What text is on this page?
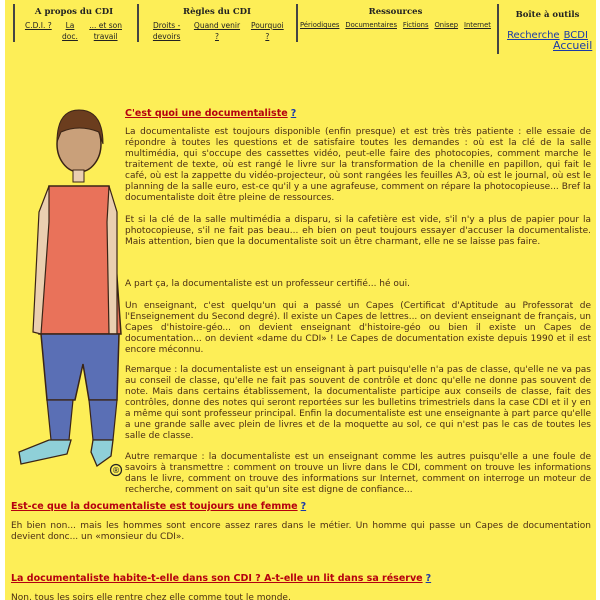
A propos du CDI
C.D.I. ?	La doc.
... et son travail
Règles du CDI
Droits - devoirs
Quand venir ?
Pourquoi ?
Ressources
Périodiques Documentaires Fictions Onisep Internet
Boîte à outils
Recherche BCDI
Accueil
®
C'est quoi une documentaliste ?

La documentaliste est toujours disponible (enfin presque) et est très très patiente : elle essaie de répondre à toutes les questions et de satisfaire toutes les demandes : où est la clé de la salle multimédia, qui s'occupe des cassettes vidéo, peut-elle faire des photocopies, comment marche le traitement de texte, où est rangé le livre sur la transformation de la chenille en papillon, qui fait le café, où est la zappette du vidéo-projecteur, où sont rangées les feuilles A3, où est le journal, où est le planning de la salle euro, est-ce qu'il y a une agrafeuse, comment on répare la photocopieuse... Bref la documentaliste doit être pleine de ressources.

Et si la clé de la salle multimédia a disparu, si la cafetière est vide, s'il n'y a plus de papier pour la photocopieuse, s'il ne fait pas beau... eh bien on peut toujours essayer d'accuser la documentaliste. Mais attention, bien que la documentaliste soit un être charmant, elle ne se laisse pas faire.

A part ça, la documentaliste est un professeur certifié... hé oui.

Un enseignant, c'est quelqu'un qui a passé un Capes (Certificat d'Aptitude au Professorat de l'Enseignement du Second degré). Il existe un Capes de lettres... on devient enseignant de français, un Capes d'histoire-géo... on devient enseignant d'histoire-géo ou bien il existe un Capes de documentation... on devient «dame du CDI» ! Le Capes de documentation existe depuis 1990 et il est encore méconnu.

Remarque : la documentaliste est un enseignant à part puisqu'elle n'a pas de classe, qu'elle ne va pas au conseil de classe, qu'elle ne fait pas souvent de contrôle et donc qu'elle ne donne pas souvent de note. Mais dans certains établissement, la documentaliste participe aux conseils de classe, fait des contrôles, donne des notes qui seront reportées sur les bulletins trimestriels dans la case CDI et il y en a même qui sont professeur principal. Enfin la documentaliste est une enseignante à part parce qu'elle a une grande salle avec plein de livres et de la moquette au sol, ce qui n'est pas le cas de toutes les salle de classe.

Autre remarque : la documentaliste est un enseignant comme les autres puisqu'elle a une foule de savoirs à transmettre : comment on trouve un livre dans le CDI, comment on trouve les informations dans le livre, comment on trouve des informations sur Internet, comment on interroge un moteur de recherche, comment on sait qu'un site est digne de confiance...

Est-ce que la documentaliste est toujours une femme ?

Eh bien non... mais les hommes sont encore assez rares dans le métier. Un homme qui passe un Capes de documentation devient donc... un «monsieur du CDI».

La documentaliste habite-t-elle dans son CDI ? A-t-elle un lit dans sa réserve ?

Non, tous les soirs elle rentre chez elle comme tout le monde.
